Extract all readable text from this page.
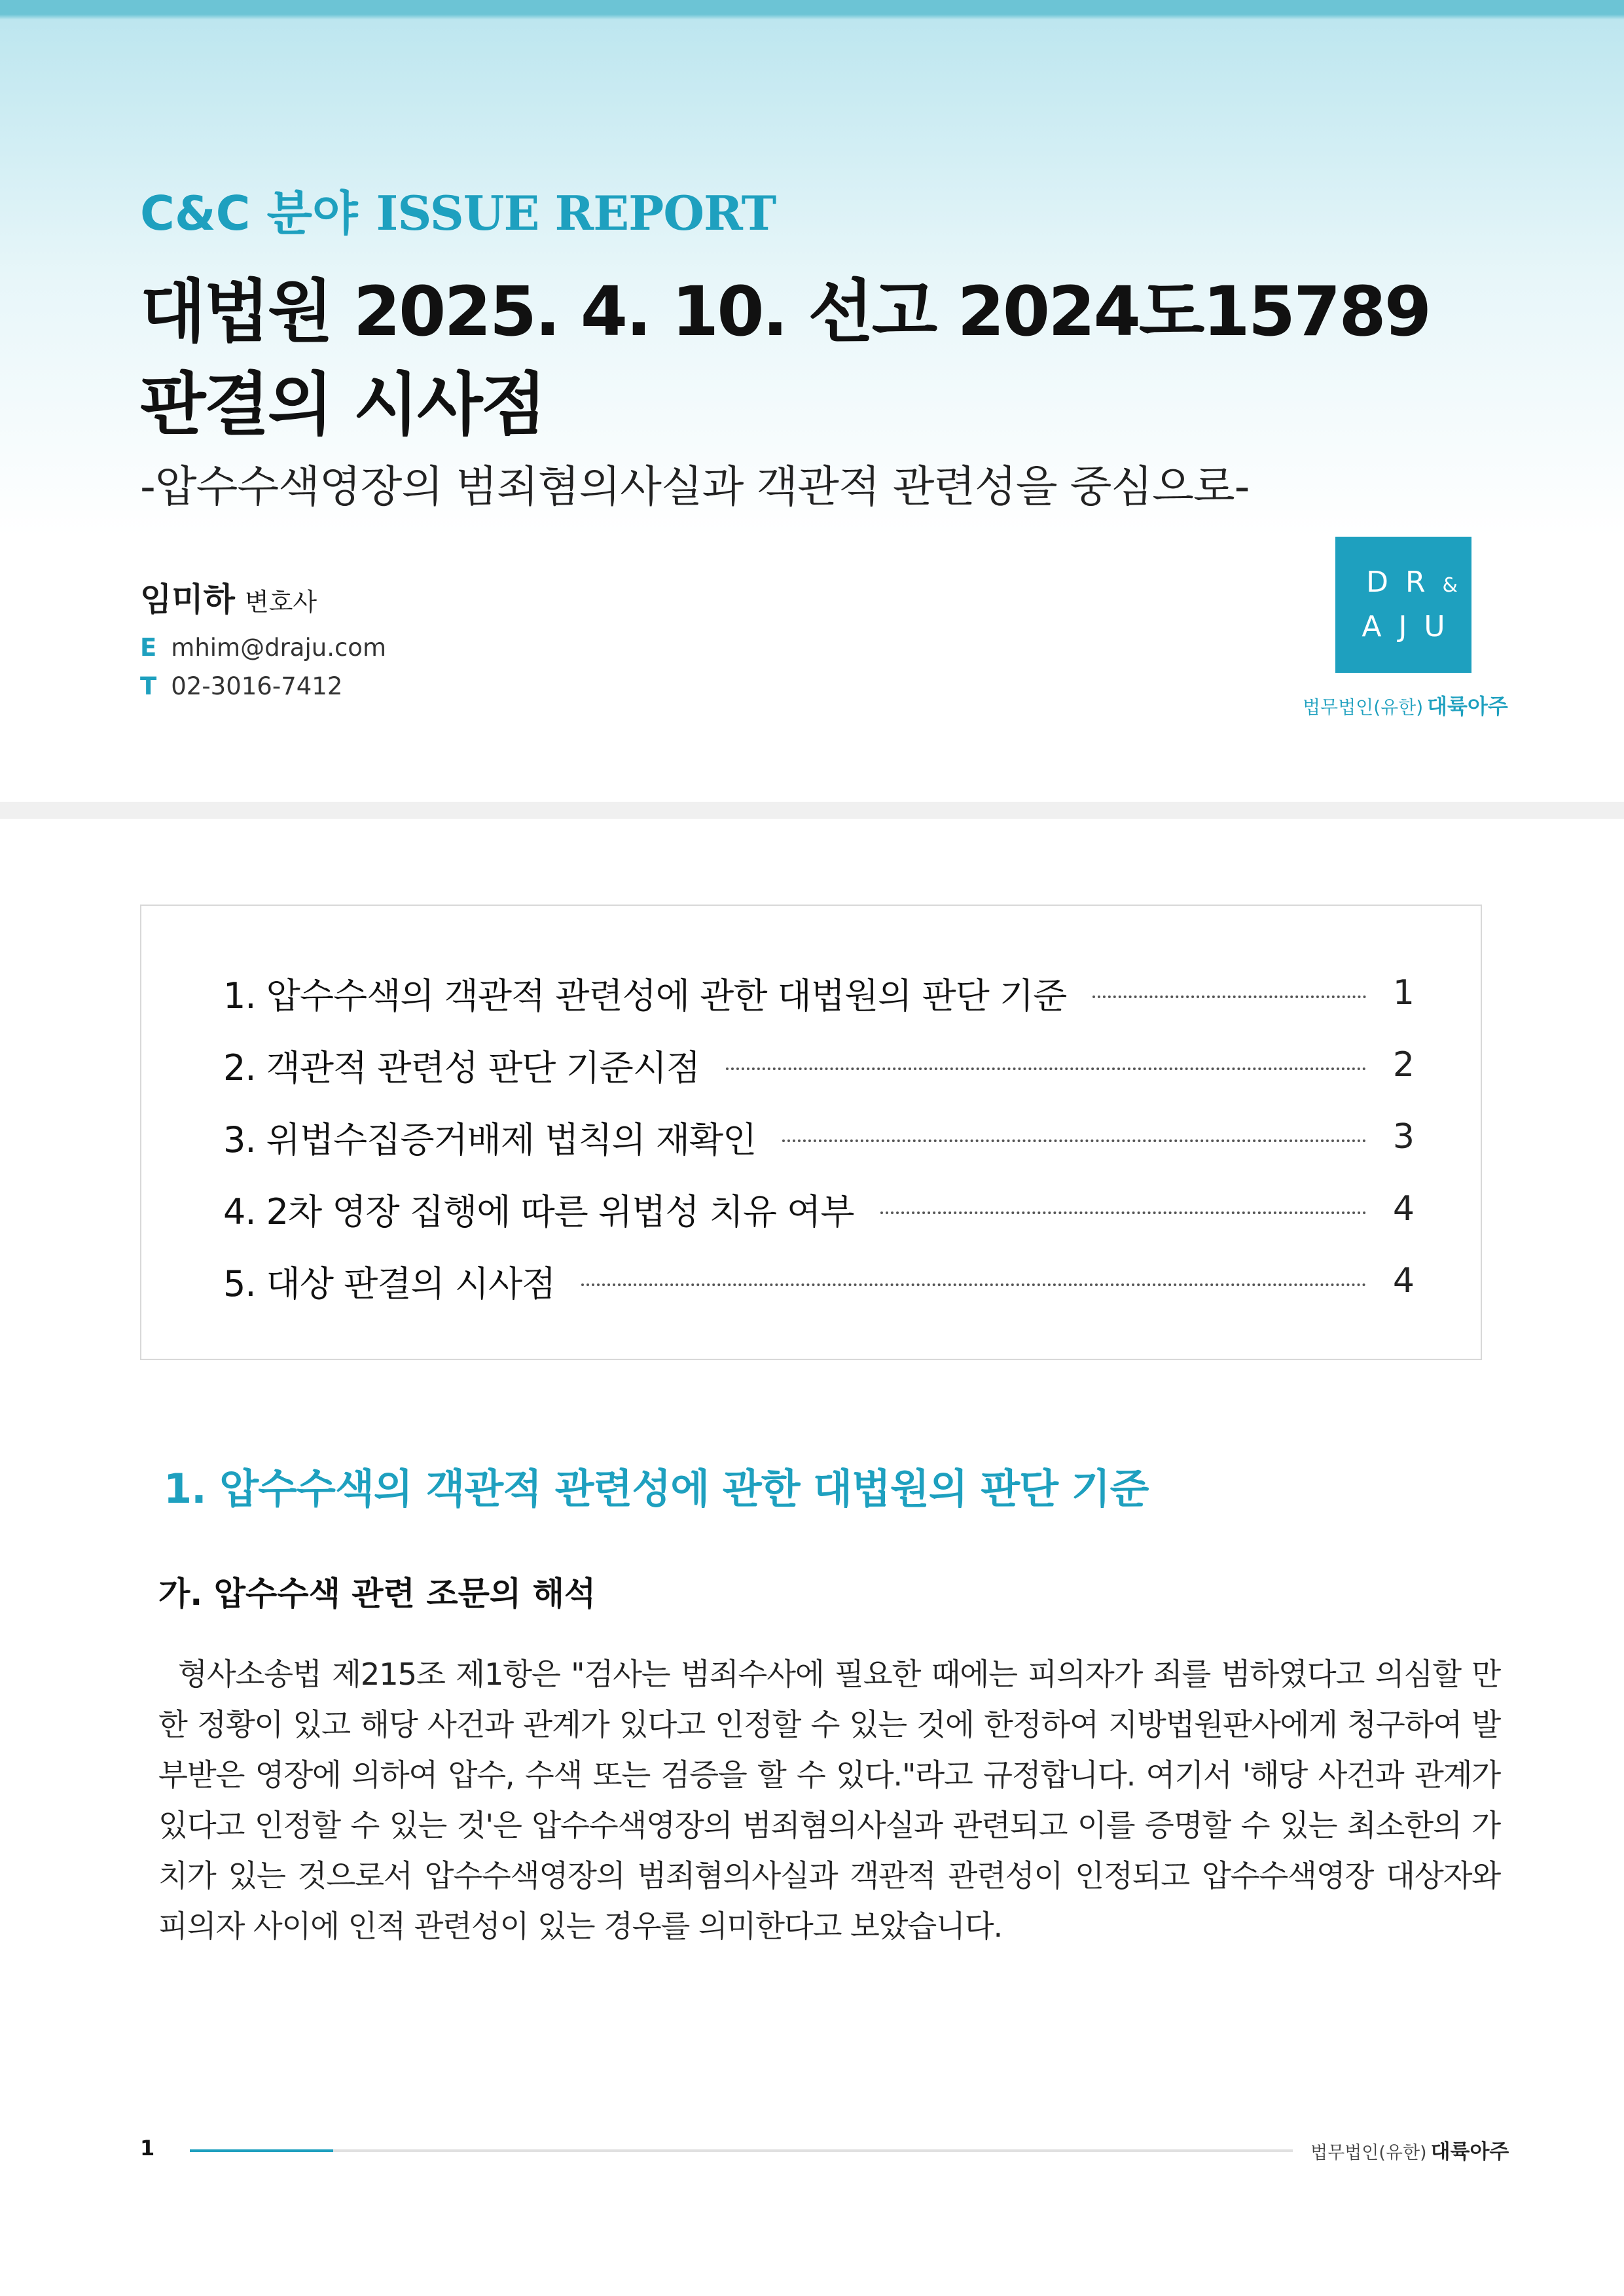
C&C 분야 ISSUE REPORT
대법원 2025. 4. 10. 선고 2024도15789
판결의 시사점
-압수수색영장의 범죄혐의사실과 객관적 관련성을 중심으로-
임미하 변호사
E mhim@draju.com
T 02-3016-7412
DR&
AJU
법무법인(유한) 대륙아주
1. 압수수색의 객관적 관련성에 관한 대법원의 판단 기준	1
2. 객관적 관련성 판단 기준시점	2
3. 위법수집증거배제 법칙의 재확인	3
4. 2차 영장 집행에 따른 위법성 치유 여부	4
5. 대상 판결의 시사점	4
1. 압수수색의 객관적 관련성에 관한 대법원의 판단 기준
가. 압수수색 관련 조문의 해석
형사소송법 제215조 제1항은 "검사는 범죄수사에 필요한 때에는 피의자가 죄를 범하였다고 의심할 만한 정황이 있고 해당 사건과 관계가 있다고 인정할 수 있는 것에 한정하여 지방법원판사에게 청구하여 발부받은 영장에 의하여 압수, 수색 또는 검증을 할 수 있다."라고 규정합니다. 여기서 '해당 사건과 관계가 있다고 인정할 수 있는 것'은 압수수색영장의 범죄혐의사실과 관련되고 이를 증명할 수 있는 최소한의 가치가 있는 것으로서 압수수색영장의 범죄혐의사실과 객관적 관련성이 인정되고 압수수색영장 대상자와 피의자 사이에 인적 관련성이 있는 경우를 의미한다고 보았습니다.
1	법무법인(유한) 대륙아주
